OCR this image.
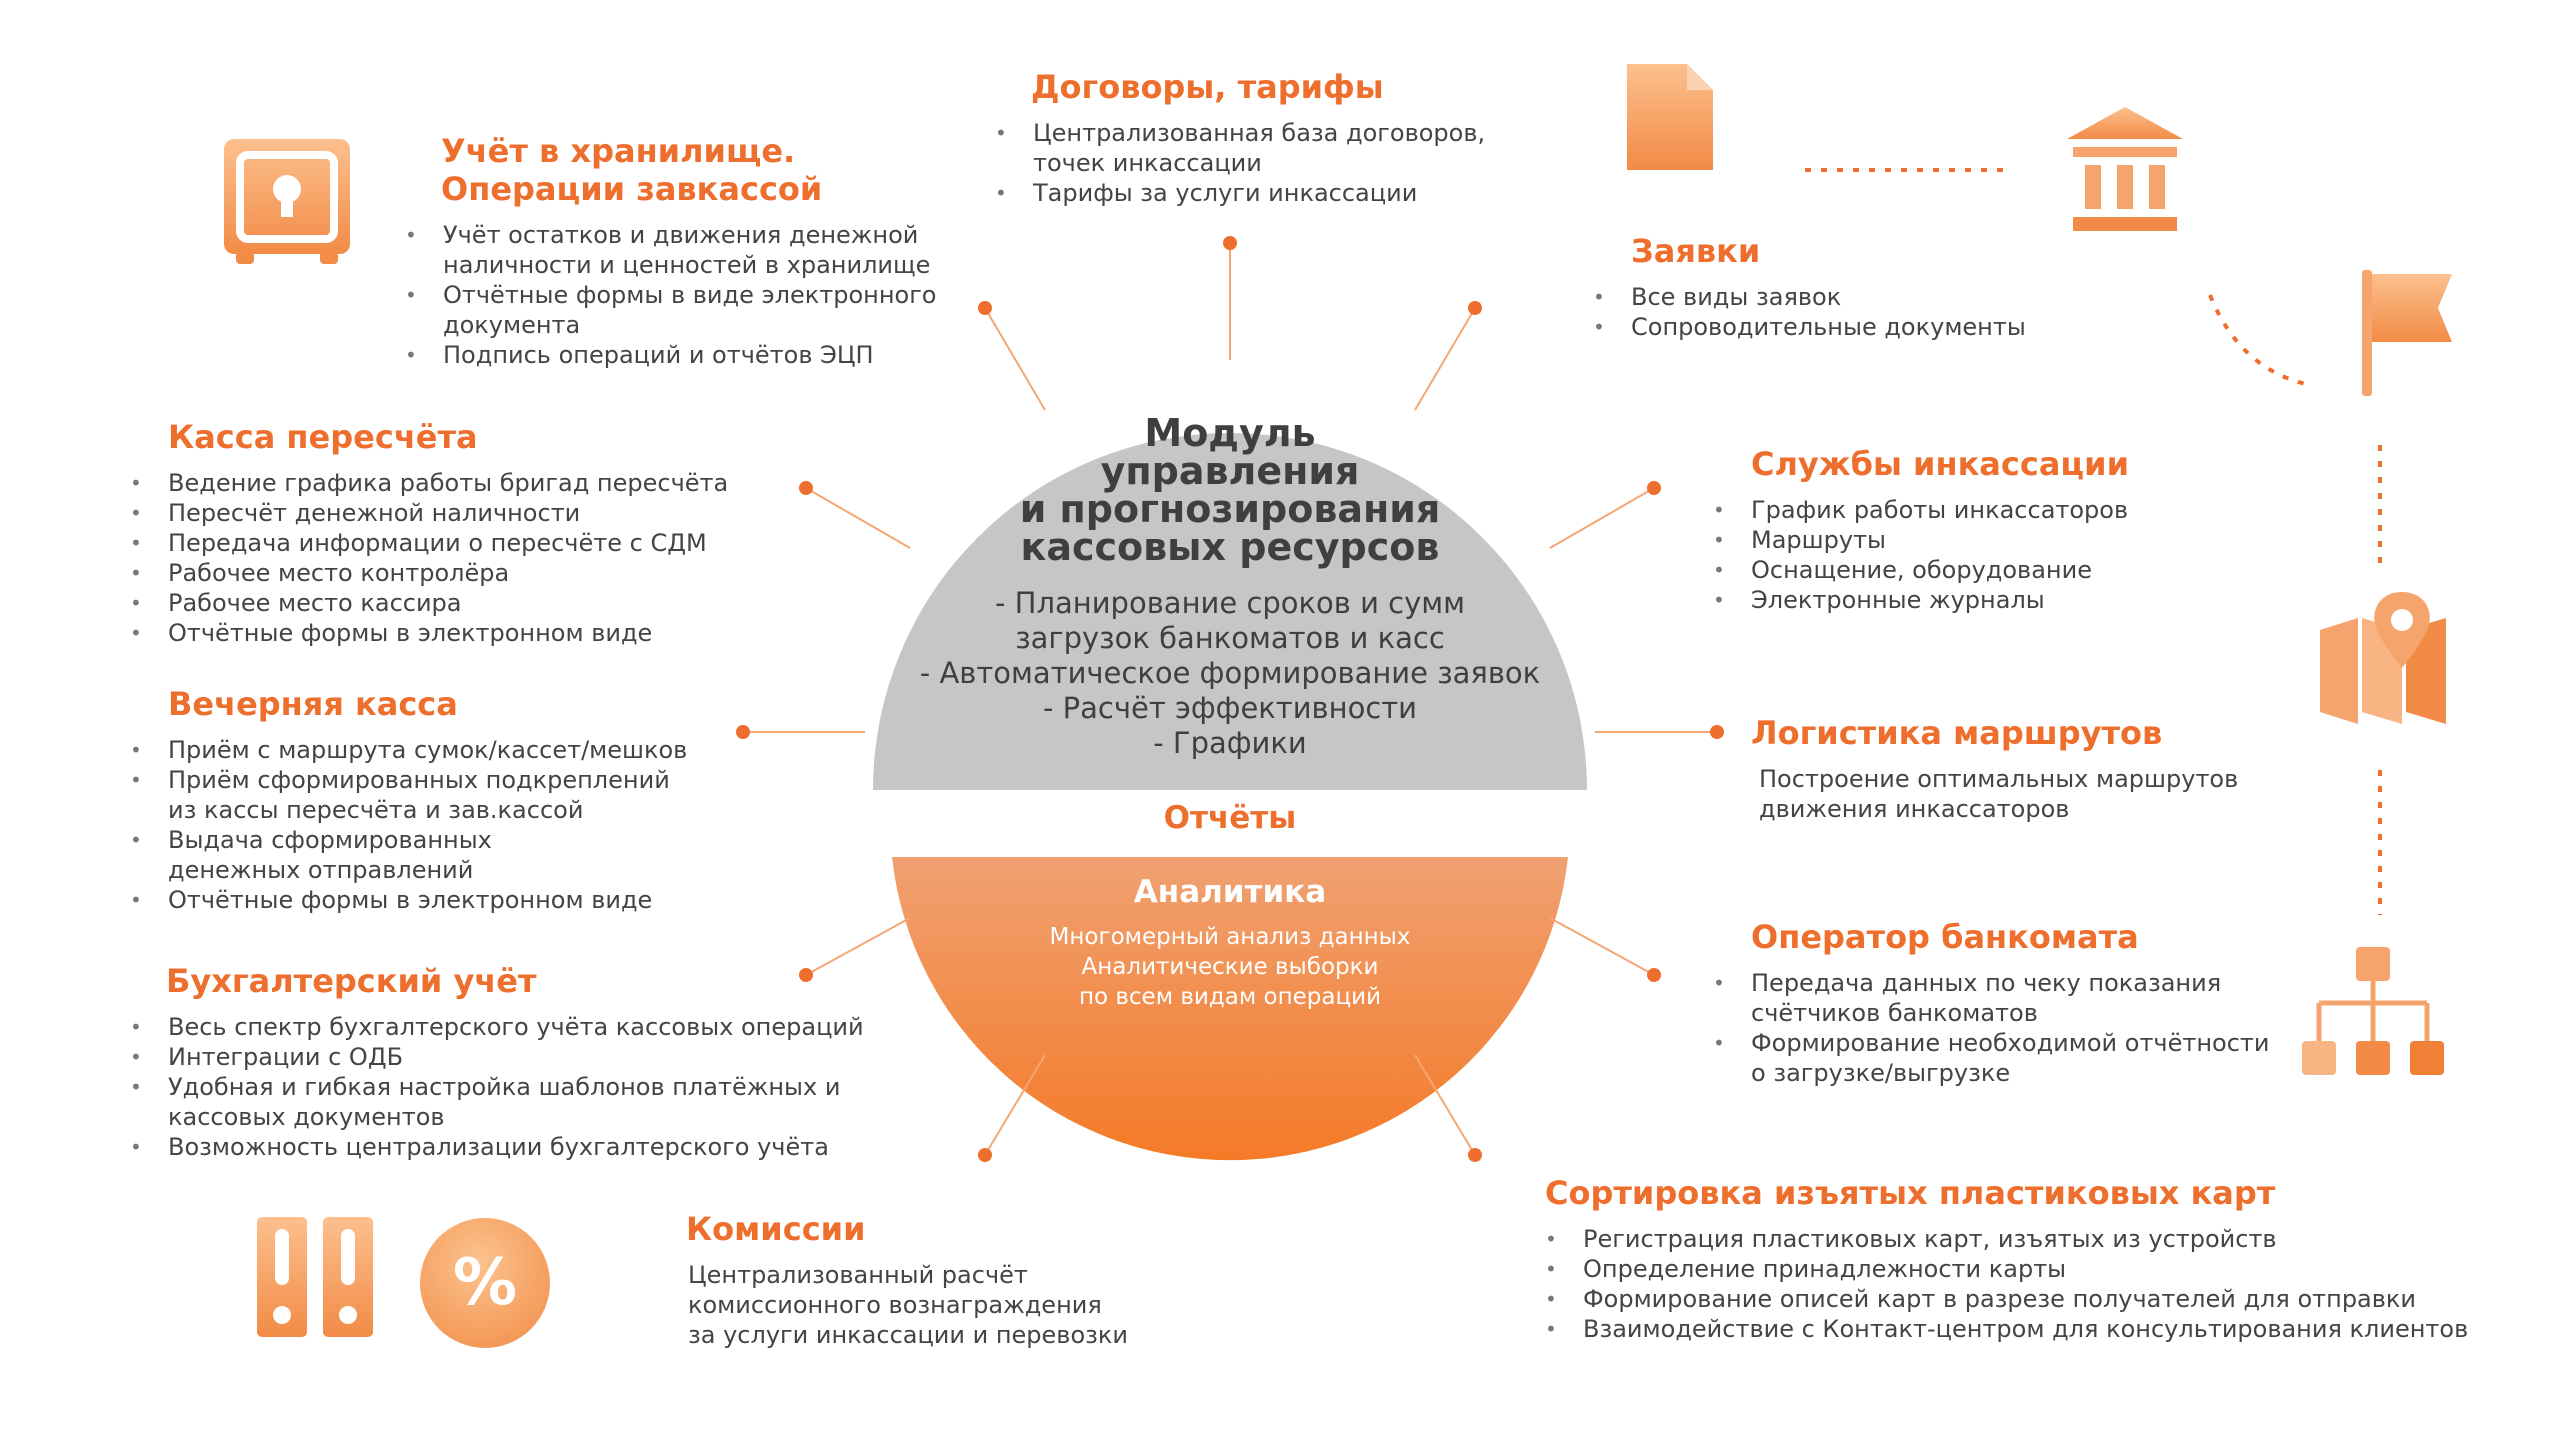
%
Модуль
управления
и прогнозирования
кассовых ресурсов
- Планирование сроков и сумм
загрузок банкоматов и касс
- Автоматическое формирование заявок
- Расчёт эффективности
- Графики
Отчёты
Аналитика
Многомерный анализ данных
Аналитические выборки
по всем видам операций
Учёт в хранилище.
Операции завкассой
• Учёт остатков и движения денежной
наличности и ценностей в хранилище
• Отчётные формы в виде электронного
документа
• Подпись операций и отчётов ЭЦП
Договоры, тарифы
• Централизованная база договоров,
точек инкассации
• Тарифы за услуги инкассации
Заявки
• Все виды заявок
• Сопроводительные документы
Касса пересчёта
• Ведение графика работы бригад пересчёта
• Пересчёт денежной наличности
• Передача информации о пересчёте с СДМ
• Рабочее место контролёра
• Рабочее место кассира
• Отчётные формы в электронном виде
Службы инкассации
• График работы инкассаторов
• Маршруты
• Оснащение, оборудование
• Электронные журналы
Вечерняя касса
• Приём с маршрута сумок/кассет/мешков
• Приём сформированных подкреплений
из кассы пересчёта и зав.кассой
• Выдача сформированных
денежных отправлений
• Отчётные формы в электронном виде
Логистика маршрутов
Построение оптимальных маршрутов
движения инкассаторов
Оператор банкомата
• Передача данных по чеку показания
счётчиков банкоматов
• Формирование необходимой отчётности
о загрузке/выгрузке
Бухгалтерский учёт
• Весь спектр бухгалтерского учёта кассовых операций
• Интеграции с ОДБ
• Удобная и гибкая настройка шаблонов платёжных и
кассовых документов
• Возможность централизации бухгалтерского учёта
Комиссии
Централизованный расчёт
комиссионного вознаграждения
за услуги инкассации и перевозки
Сортировка изъятых пластиковых карт
• Регистрация пластиковых карт, изъятых из устройств
• Определение принадлежности карты
• Формирование описей карт в разрезе получателей для отправки
• Взаимодействие с Контакт-центром для консультирования клиентов
